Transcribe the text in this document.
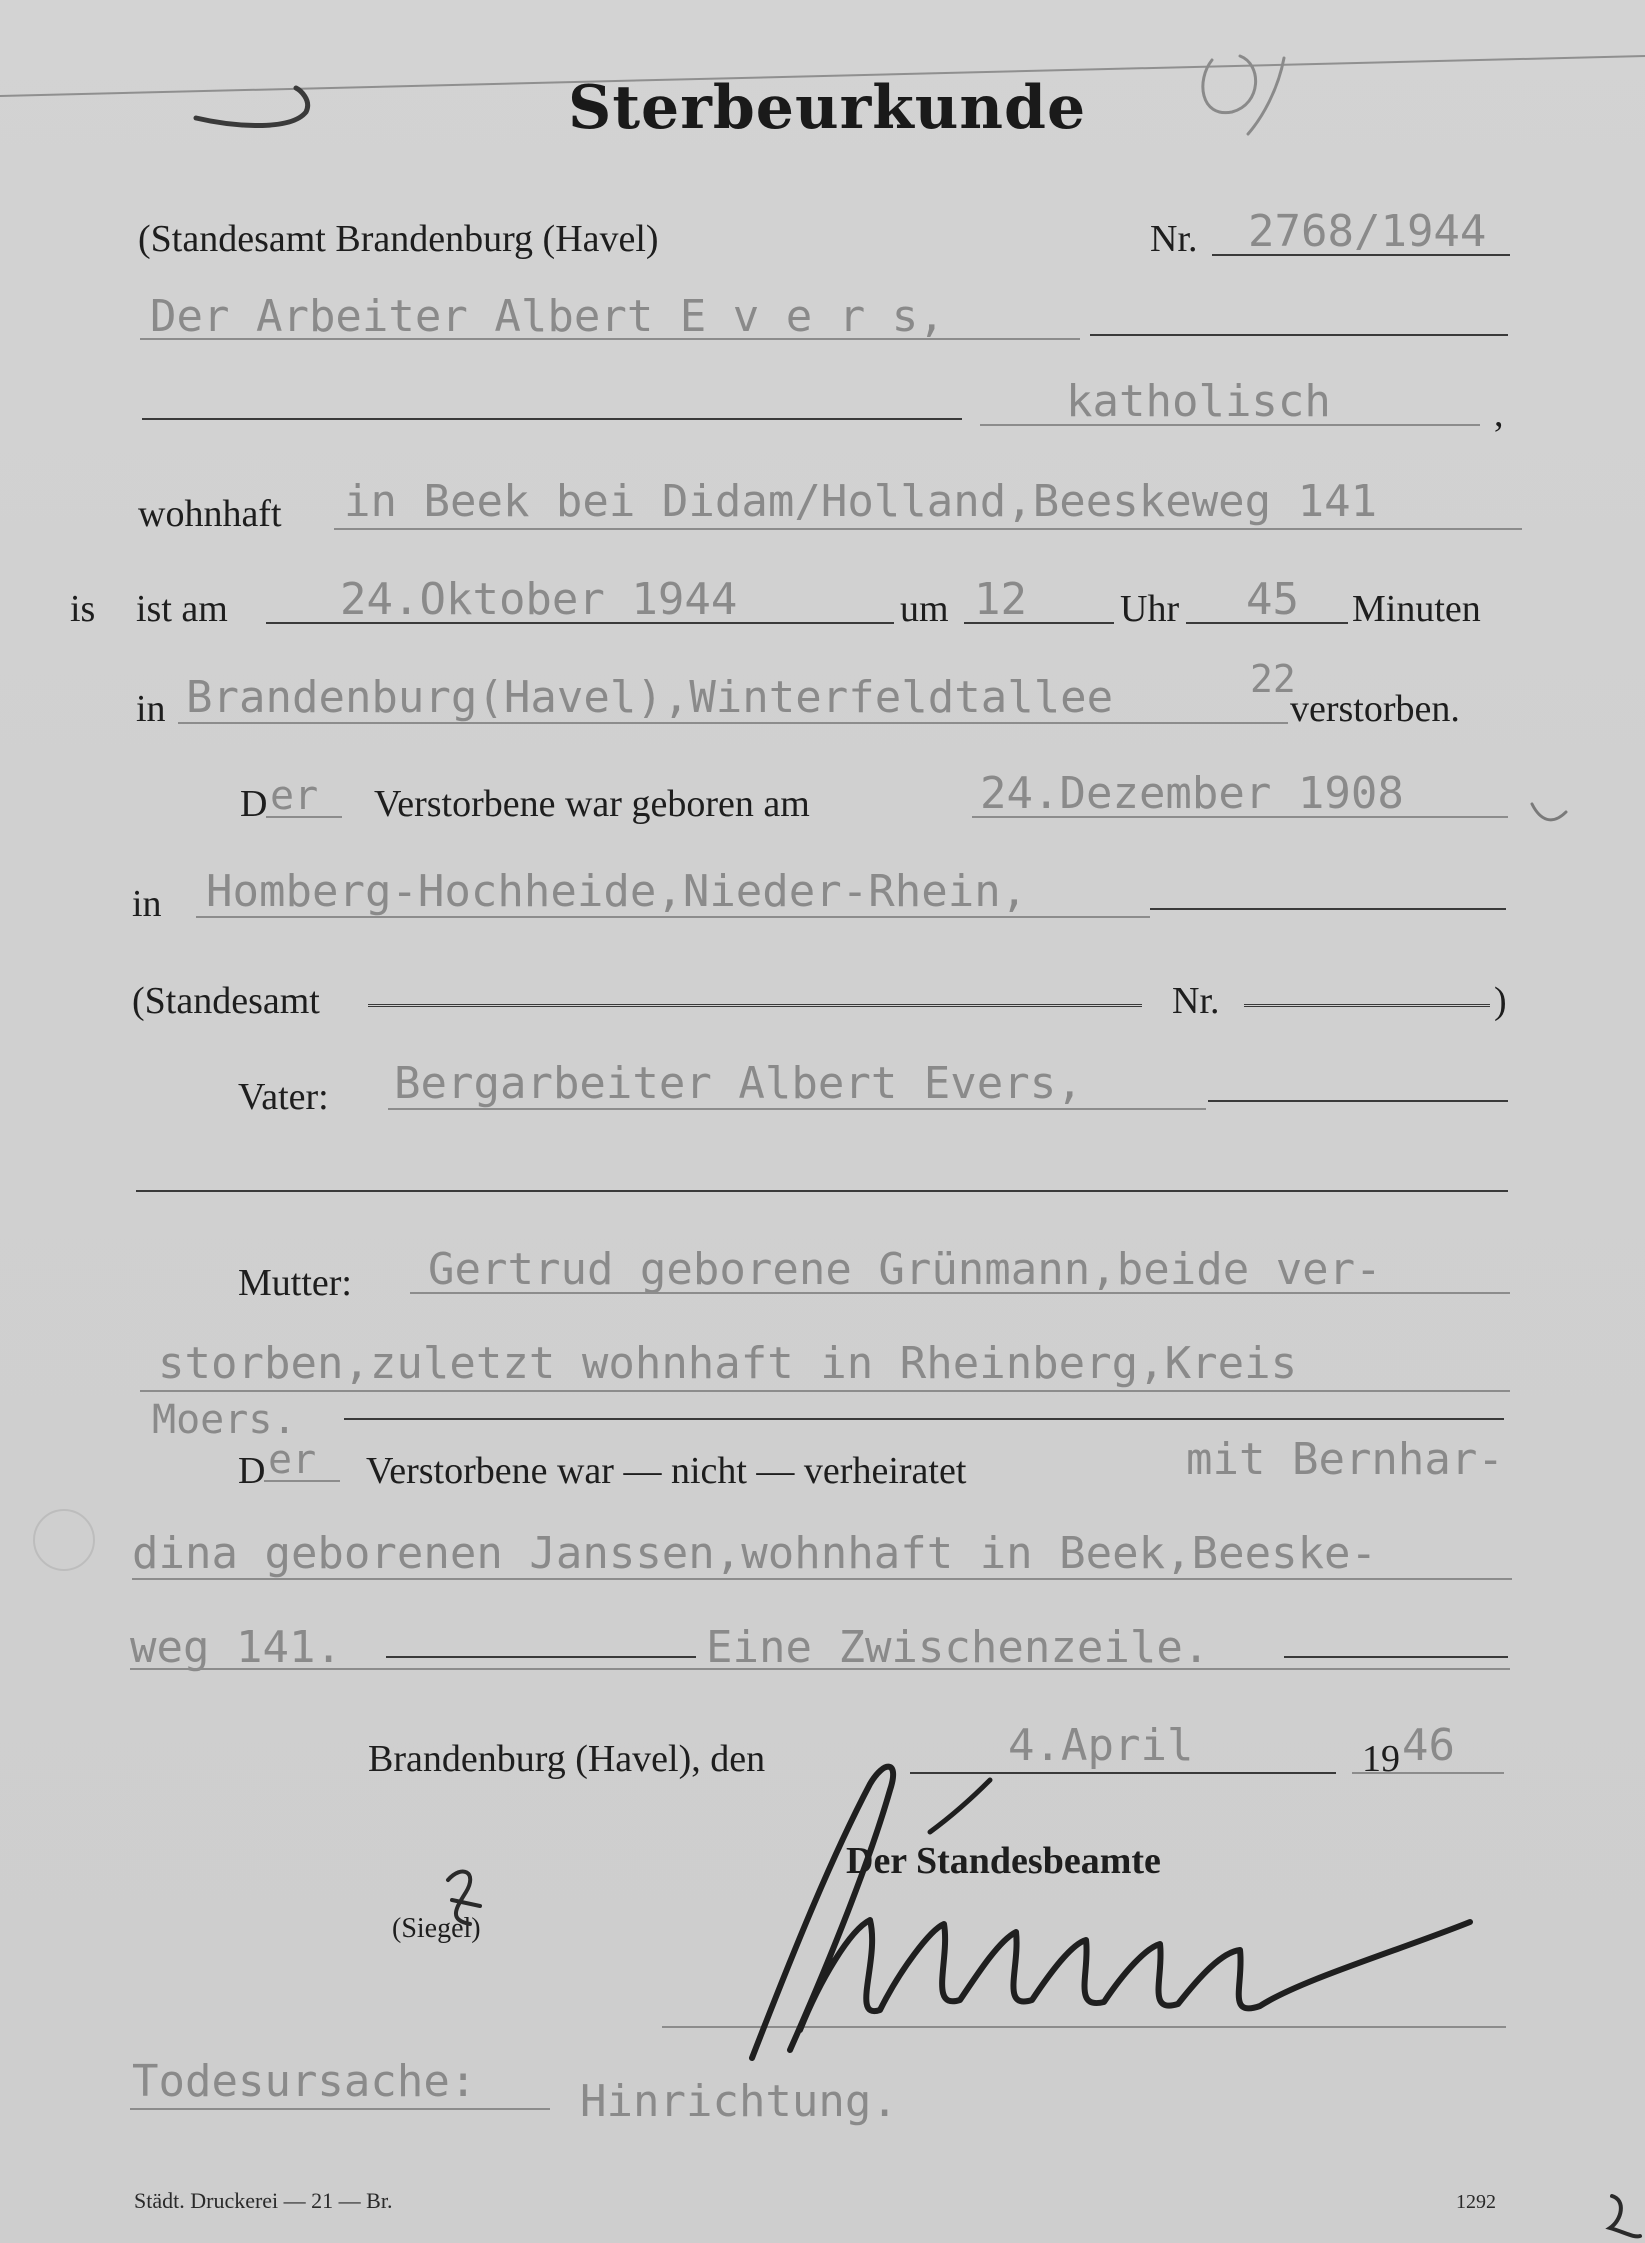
Sterbeurkunde
(Standesamt Brandenburg (Havel)	Nr. 2768/1944
Der Arbeiter Albert E v e r s,
katholisch	,
wohnhaft in Beek bei Didam/Holland,Beeskeweg 141
is ist am	24.Oktober 1944	um 12 Uhr 45 Minuten
in Brandenburg(Havel),Winterfeldtallee	22
verstorben.
D er Verstorbene war geboren am	24.Dezember 1908
in Homberg-Hochheide,Nieder-Rhein,
(Standesamt	Nr.	)
Vater: Bergarbeiter Albert Evers,
Mutter: Gertrud geborene Grünmann,beide ver-
storben,zuletzt wohnhaft in Rheinberg,Kreis
Moers.
D er Verstorbene war — nicht — verheiratet	mit Bernhar-
dina geborenen Janssen,wohnhaft in Beek,Beeske-
weg 141.	Eine Zwischenzeile.
Brandenburg (Havel), den	4.April	19 46
Der Standesbeamte
(Siegel)
Todesursache: Hinrichtung.
Städt. Druckerei — 21 — Br.	1292
